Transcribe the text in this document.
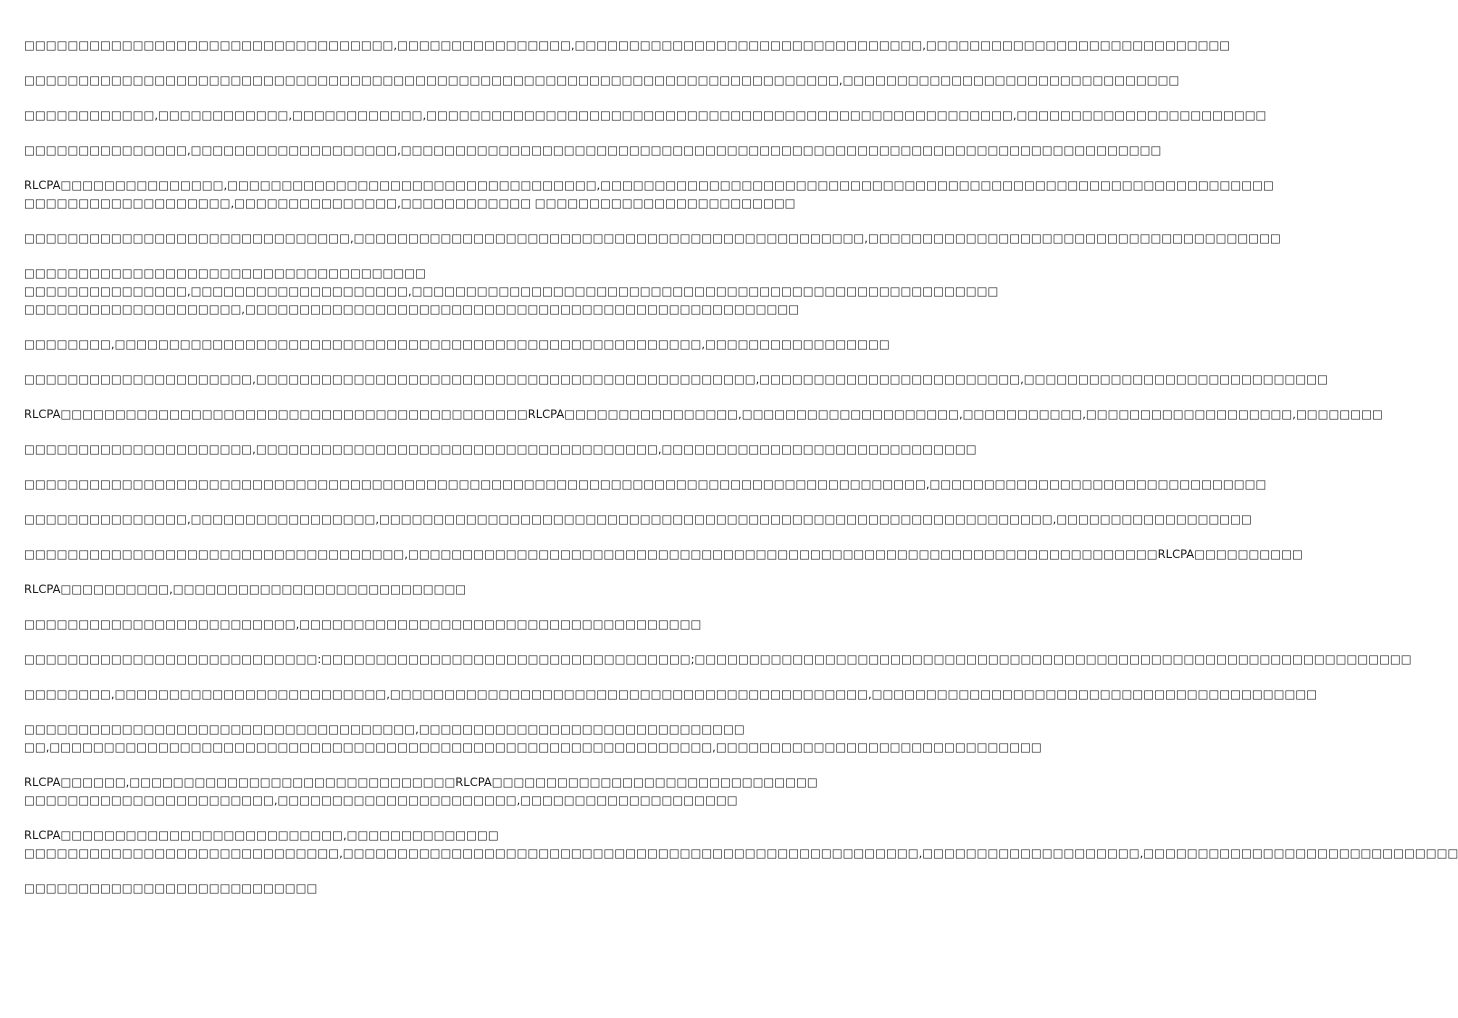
□□□□□□□□□□□□□□□□□□□□□□□□□□□□□□□□□□,□□□□□□□□□□□□□□□□,□□□□□□□□□□□□□□□□□□□□□□□□□□□□□□□□,□□□□□□□□□□□□□□□□□□□□□□□□□□□□
□□□□□□□□□□□□□□□□□□□□□□□□□□□□□□□□□□□□□□□□□□□□□□□□□□□□□□□□□□□□□□□□□□□□□□□□□□□,□□□□□□□□□□□□□□□□□□□□□□□□□□□□□□□
□□□□□□□□□□□□,□□□□□□□□□□□□,□□□□□□□□□□□□,□□□□□□□□□□□□□□□□□□□□□□□□□□□□□□□□□□□□□□□□□□□□□□□□□□□□□□,□□□□□□□□□□□□□□□□□□□□□□□
□□□□□□□□□□□□□□□,□□□□□□□□□□□□□□□□□□□,□□□□□□□□□□□□□□□□□□□□□□□□□□□□□□□□□□□□□□□□□□□□□□□□□□□□□□□□□□□□□□□□□□□□□□
RLCPA□□□□□□□□□□□□□□□,□□□□□□□□□□□□□□□□□□□□□□□□□□□□□□□□□□,□□□□□□□□□□□□□□□□□□□□□□□□□□□□□□□□□□□□□□□□□□□□□□□□□□□□□□□□□□□□□□
□□□□□□□□□□□□□□□□□□□,□□□□□□□□□□□□□□□,□□□□□□□□□□□□ □□□□□□□□□□□□□□□□□□□□□□□□
□□□□□□□□□□□□□□□□□□□□□□□□□□□□□□,□□□□□□□□□□□□□□□□□□□□□□□□□□□□□□□□□□□□□□□□□□□□□□□,□□□□□□□□□□□□□□□□□□□□□□□□□□□□□□□□□□□□□□
□□□□□□□□□□□□□□□□□□□□□□□□□□□□□□□□□□□□□
□□□□□□□□□□□□□□□,□□□□□□□□□□□□□□□□□□□□,□□□□□□□□□□□□□□□□□□□□□□□□□□□□□□□□□□□□□□□□□□□□□□□□□□□□□□
□□□□□□□□□□□□□□□□□□□□,□□□□□□□□□□□□□□□□□□□□□□□□□□□□□□□□□□□□□□□□□□□□□□□□□□□
□□□□□□□□,□□□□□□□□□□□□□□□□□□□□□□□□□□□□□□□□□□□□□□□□□□□□□□□□□□□□□□,□□□□□□□□□□□□□□□□□
□□□□□□□□□□□□□□□□□□□□□,□□□□□□□□□□□□□□□□□□□□□□□□□□□□□□□□□□□□□□□□□□□□□□,□□□□□□□□□□□□□□□□□□□□□□□□,□□□□□□□□□□□□□□□□□□□□□□□□□□□□
RLCPA□□□□□□□□□□□□□□□□□□□□□□□□□□□□□□□□□□□□□□□□□□□RLCPA□□□□□□□□□□□□□□□□,□□□□□□□□□□□□□□□□□□□□,□□□□□□□□□□□,□□□□□□□□□□□□□□□□□□□,□□□□□□□□
□□□□□□□□□□□□□□□□□□□□□,□□□□□□□□□□□□□□□□□□□□□□□□□□□□□□□□□□□□□,□□□□□□□□□□□□□□□□□□□□□□□□□□□□□
□□□□□□□□□□□□□□□□□□□□□□□□□□□□□□□□□□□□□□□□□□□□□□□□□□□□□□□□□□□□□□□□□□□□□□□□□□□□□□□□□□□,□□□□□□□□□□□□□□□□□□□□□□□□□□□□□□□
□□□□□□□□□□□□□□□,□□□□□□□□□□□□□□□□□,□□□□□□□□□□□□□□□□□□□□□□□□□□□□□□□□□□□□□□□□□□□□□□□□□□□□□□□□□□□□□□,□□□□□□□□□□□□□□□□□□
□□□□□□□□□□□□□□□□□□□□□□□□□□□□□□□□□□□,□□□□□□□□□□□□□□□□□□□□□□□□□□□□□□□□□□□□□□□□□□□□□□□□□□□□□□□□□□□□□□□□□□□□□RLCPA□□□□□□□□□□
RLCPA□□□□□□□□□□,□□□□□□□□□□□□□□□□□□□□□□□□□□□
□□□□□□□□□□□□□□□□□□□□□□□□□,□□□□□□□□□□□□□□□□□□□□□□□□□□□□□□□□□□□□□
□□□□□□□□□□□□□□□□□□□□□□□□□□□:□□□□□□□□□□□□□□□□□□□□□□□□□□□□□□□□□□;□□□□□□□□□□□□□□□□□□□□□□□□□□□□□□□□□□□□□□□□□□□□□□□□□□□□□□□□□□□□□□□□□□
□□□□□□□□,□□□□□□□□□□□□□□□□□□□□□□□□□,□□□□□□□□□□□□□□□□□□□□□□□□□□□□□□□□□□□□□□□□□□□□,□□□□□□□□□□□□□□□□□□□□□□□□□□□□□□□□□□□□□□□□□
□□□□□□□□□□□□□□□□□□□□□□□□□□□□□□□□□□□□,□□□□□□□□□□□□□□□□□□□□□□□□□□□□□□
□□,□□□□□□□□□□□□□□□□□□□□□□□□□□□□□□□□□□□□□□□□□□□□□□□□□□□□□□□□□□□□□,□□□□□□□□□□□□□□□□□□□□□□□□□□□□□□
RLCPA□□□□□□,□□□□□□□□□□□□□□□□□□□□□□□□□□□□□□RLCPA□□□□□□□□□□□□□□□□□□□□□□□□□□□□□□
□□□□□□□□□□□□□□□□□□□□□□□,□□□□□□□□□□□□□□□□□□□□□□,□□□□□□□□□□□□□□□□□□□□
RLCPA□□□□□□□□□□□□□□□□□□□□□□□□□□,□□□□□□□□□□□□□□
□□□□□□□□□□□□□□□□□□□□□□□□□□□□□,□□□□□□□□□□□□□□□□□□□□□□□□□□□□□□□□□□□□□□□□□□□□□□□□□□□□□,□□□□□□□□□□□□□□□□□□□□,□□□□□□□□□□□□□□□□□□□□□□□□□□□□□
□□□□□□□□□□□□□□□□□□□□□□□□□□□
